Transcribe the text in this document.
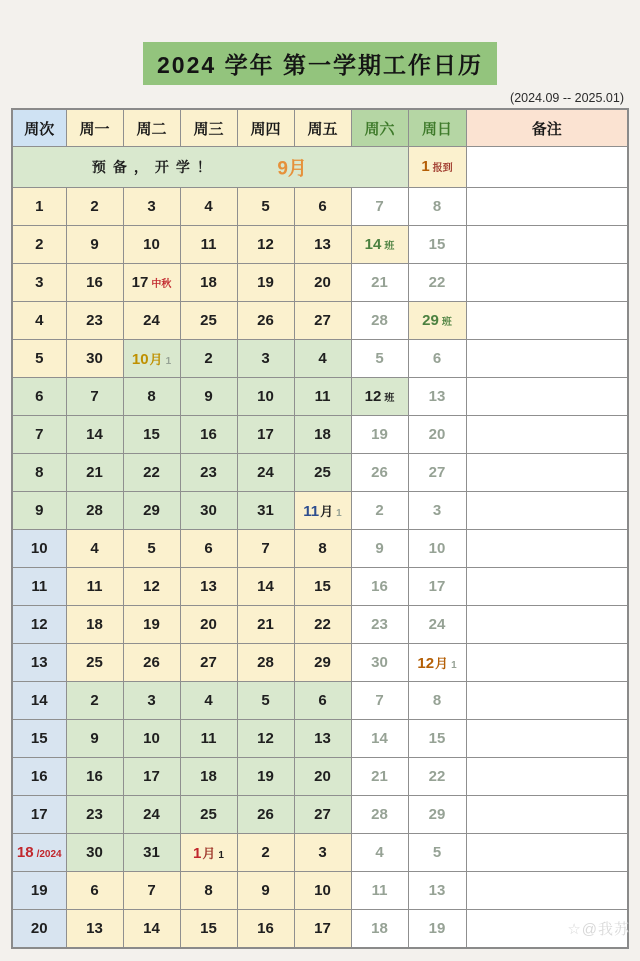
2024 学年 第一学期工作日历
(2024.09 -- 2025.01)
周次	周一	周二	周三	周四	周五	周六	周日	备注

预备，开学！ 9月							1 报到	
1	2	3	4	5	6	7	8	
2	9	10	11	12	13	14 班	15	
3	16	17 中秋	18	19	20	21	22	
4	23	24	25	26	27	28	29 班	
5	30	10月 1	2	3	4	5	6	
6	7	8	9	10	11	12 班	13	
7	14	15	16	17	18	19	20	
8	21	22	23	24	25	26	27	
9	28	29	30	31	11月 1	2	3	
10	4	5	6	7	8	9	10	
11	11	12	13	14	15	16	17	
12	18	19	20	21	22	23	24	
13	25	26	27	28	29	30	12月 1	
14	2	3	4	5	6	7	8	
15	9	10	11	12	13	14	15	
16	16	17	18	19	20	21	22	
17	23	24	25	26	27	28	29	
18 /2024	30	31	1月 1	2	3	4	5	
19	6	7	8	9	10	11	13	
20	13	14	15	16	17	18	19		☆@我苏
